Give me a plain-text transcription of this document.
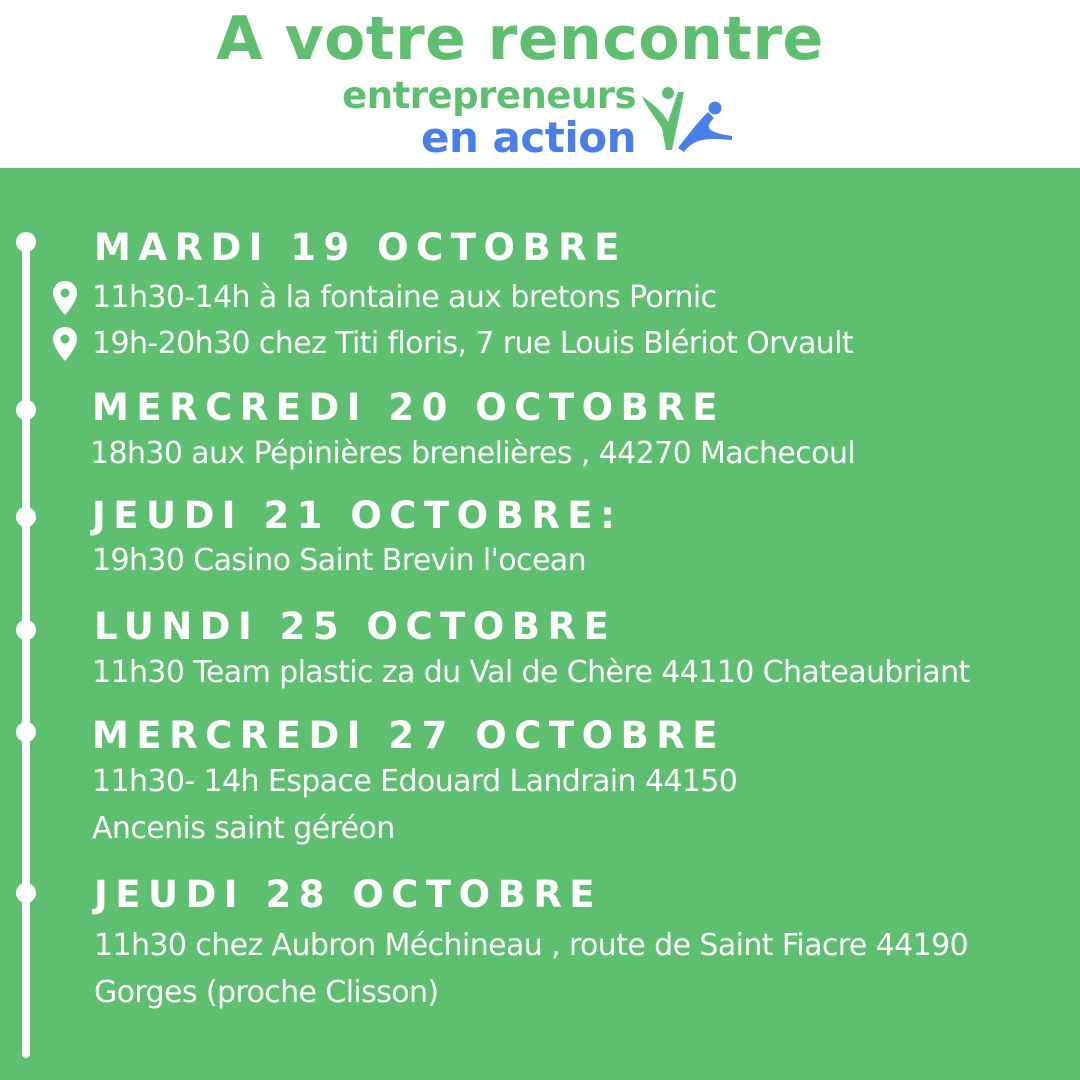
A votre rencontre
entrepreneurs
en action
MARDI 19 OCTOBRE
11h30-14h à la fontaine aux bretons Pornic
19h-20h30 chez Titi floris, 7 rue Louis Blériot Orvault
MERCREDI 20 OCTOBRE
18h30 aux Pépinières brenelières , 44270 Machecoul
JEUDI 21 OCTOBRE:
19h30 Casino Saint Brevin l'ocean
LUNDI 25 OCTOBRE
11h30 Team plastic za du Val de Chère 44110 Chateaubriant
MERCREDI 27 OCTOBRE
11h30- 14h Espace Edouard Landrain 44150
Ancenis saint géréon
JEUDI 28 OCTOBRE
11h30 chez Aubron Méchineau , route de Saint Fiacre 44190
Gorges (proche Clisson)
